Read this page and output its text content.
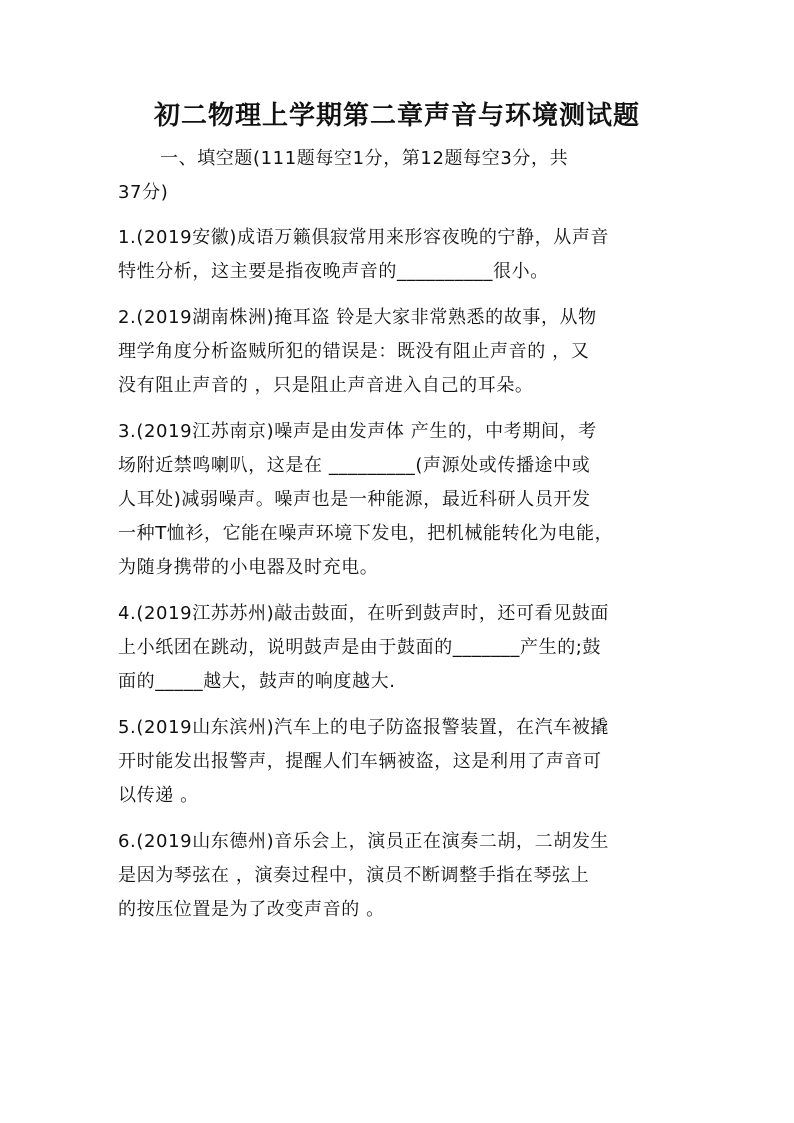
初二物理上学期第二章声音与环境测试题
一、填空题(111题每空1分，第12题每空3分，共
37分)
1.(2019安徽)成语万籁俱寂常用来形容夜晚的宁静，从声音
特性分析，这主要是指夜晚声音的__________很小。
2.(2019湖南株洲)掩耳盗 铃是大家非常熟悉的故事，从物
理学角度分析盗贼所犯的错误是：既没有阻止声音的 ，又
没有阻止声音的 ，只是阻止声音进入自己的耳朵。
3.(2019江苏南京)噪声是由发声体 产生的，中考期间，考
场附近禁鸣喇叭，这是在 _________(声源处或传播途中或
人耳处)减弱噪声。噪声也是一种能源，最近科研人员开发
一种T恤衫，它能在噪声环境下发电，把机械能转化为电能，
为随身携带的小电器及时充电。
4.(2019江苏苏州)敲击鼓面，在听到鼓声时，还可看见鼓面
上小纸团在跳动，说明鼓声是由于鼓面的_______产生的;鼓
面的_____越大，鼓声的响度越大.
5.(2019山东滨州)汽车上的电子防盗报警装置，在汽车被撬
开时能发出报警声，提醒人们车辆被盗，这是利用了声音可
以传递 。
6.(2019山东德州)音乐会上，演员正在演奏二胡，二胡发生
是因为琴弦在 ，演奏过程中，演员不断调整手指在琴弦上
的按压位置是为了改变声音的 。
